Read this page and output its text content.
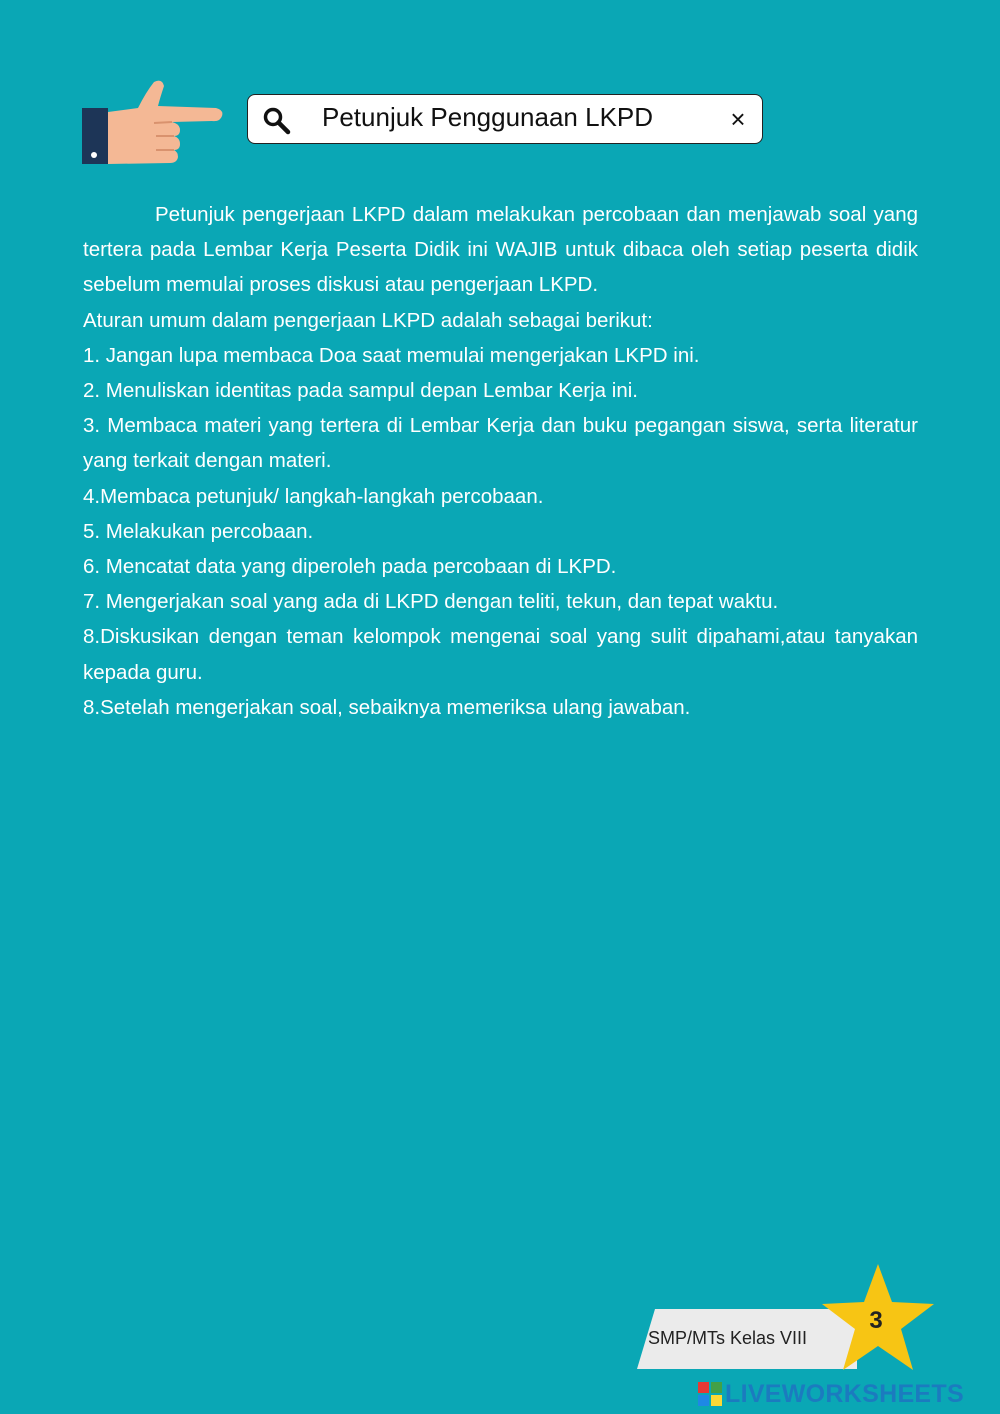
Petunjuk Penggunaan LKPD	×

Petunjuk pengerjaan LKPD dalam melakukan percobaan dan menjawab soal yang tertera pada Lembar Kerja Peserta Didik ini WAJIB untuk dibaca oleh setiap peserta didik sebelum memulai proses diskusi atau pengerjaan LKPD.

Aturan umum dalam pengerjaan LKPD adalah sebagai berikut:

1. Jangan lupa membaca Doa saat memulai mengerjakan LKPD ini.
2. Menuliskan identitas pada sampul depan Lembar Kerja ini.
3. Membaca materi yang tertera di Lembar Kerja dan buku pegangan siswa, serta literatur yang terkait dengan materi.
4.Membaca petunjuk/ langkah-langkah percobaan.
5. Melakukan percobaan.
6. Mencatat data yang diperoleh pada percobaan di LKPD.
7. Mengerjakan soal yang ada di LKPD dengan teliti, tekun, dan tepat waktu.
8.Diskusikan dengan teman kelompok mengenai soal yang sulit dipahami,atau tanyakan kepada guru.
8.Setelah mengerjakan soal, sebaiknya memeriksa ulang jawaban.
SMP/MTs Kelas VIII
3
LIVEWORKSHEETS
